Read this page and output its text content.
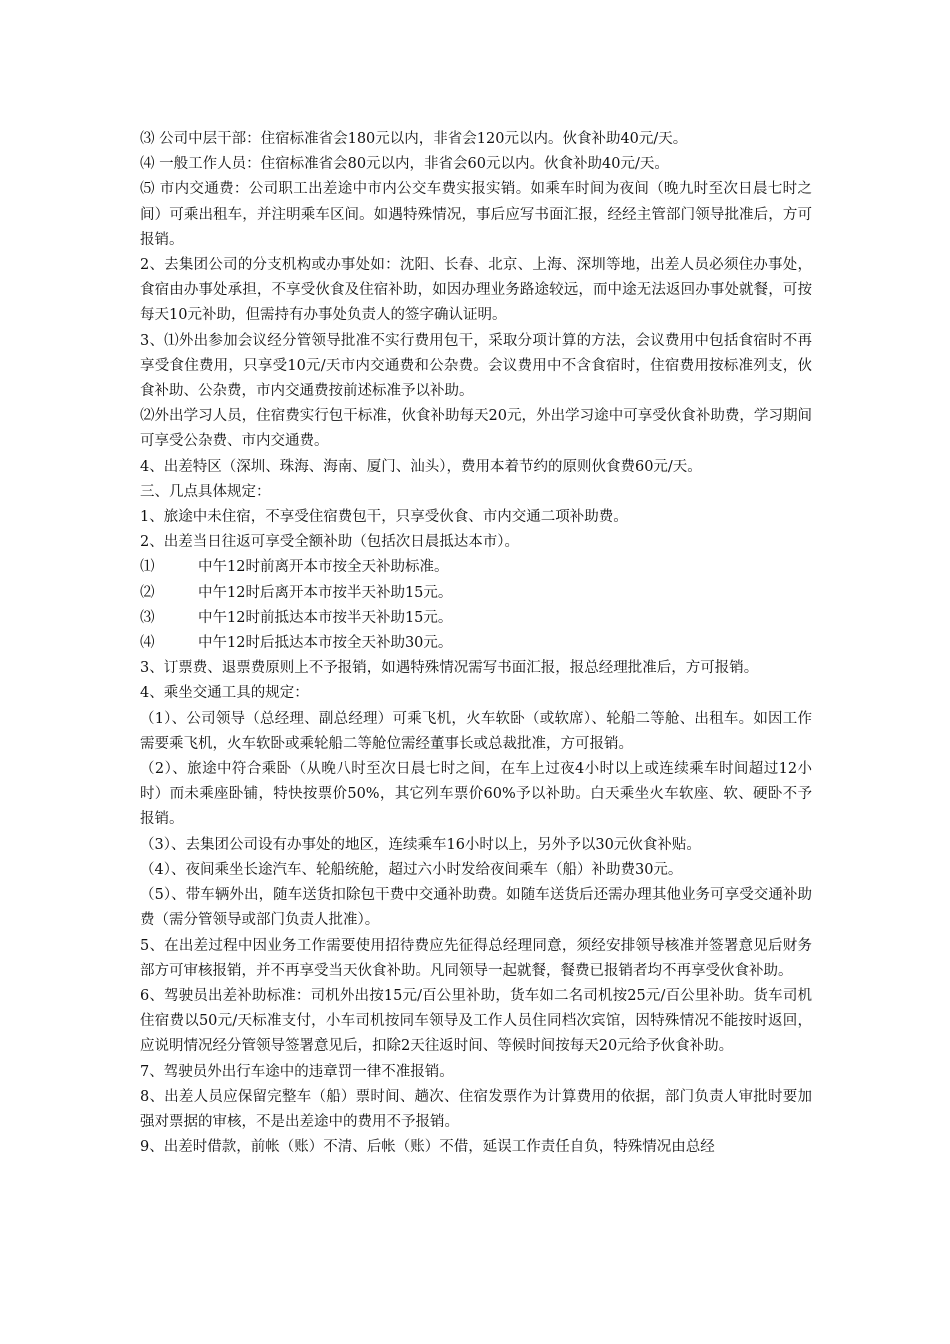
⑶ 公司中层干部：住宿标准省会180元以内，非省会120元以内。伙食补助40元/天。

⑷ 一般工作人员：住宿标准省会80元以内，非省会60元以内。伙食补助40元/天。

⑸ 市内交通费：公司职工出差途中市内公交车费实报实销。如乘车时间为夜间（晚九时至次日晨七时之间）可乘出租车，并注明乘车区间。如遇特殊情况，事后应写书面汇报，经经主管部门领导批准后，方可报销。

2、去集团公司的分支机构或办事处如：沈阳、长春、北京、上海、深圳等地，出差人员必须住办事处，食宿由办事处承担，不享受伙食及住宿补助，如因办理业务路途较远，而中途无法返回办事处就餐，可按每天10元补助，但需持有办事处负责人的签字确认证明。

3、⑴外出参加会议经分管领导批准不实行费用包干，采取分项计算的方法，会议费用中包括食宿时不再享受食住费用，只享受10元/天市内交通费和公杂费。会议费用中不含食宿时，住宿费用按标准列支，伙食补助、公杂费，市内交通费按前述标准予以补助。

⑵外出学习人员，住宿费实行包干标准，伙食补助每天20元，外出学习途中可享受伙食补助费，学习期间可享受公杂费、市内交通费。

4、出差特区（深圳、珠海、海南、厦门、汕头），费用本着节约的原则伙食费60元/天。

三、几点具体规定：

1、旅途中未住宿，不享受住宿费包干，只享受伙食、市内交通二项补助费。

2、出差当日往返可享受全额补助（包括次日晨抵达本市）。

⑴	中午12时前离开本市按全天补助标准。
⑵	中午12时后离开本市按半天补助15元。
⑶	中午12时前抵达本市按半天补助15元。
⑷	中午12时后抵达本市按全天补助30元。

3、订票费、退票费原则上不予报销，如遇特殊情况需写书面汇报，报总经理批准后，方可报销。

4、乘坐交通工具的规定：

（1）、公司领导（总经理、副总经理）可乘飞机，火车软卧（或软席）、轮船二等舱、出租车。如因工作需要乘飞机，火车软卧或乘轮船二等舱位需经董事长或总裁批准，方可报销。

（2）、旅途中符合乘卧（从晚八时至次日晨七时之间，在车上过夜4小时以上或连续乘车时间超过12小时）而未乘座卧铺，特快按票价50%，其它列车票价60%予以补助。白天乘坐火车软座、软、硬卧不予报销。

（3）、去集团公司设有办事处的地区，连续乘车16小时以上，另外予以30元伙食补贴。

（4）、夜间乘坐长途汽车、轮船统舱，超过六小时发给夜间乘车（船）补助费30元。

（5）、带车辆外出，随车送货扣除包干费中交通补助费。如随车送货后还需办理其他业务可享受交通补助费（需分管领导或部门负责人批准）。

5、在出差过程中因业务工作需要使用招待费应先征得总经理同意，须经安排领导核准并签署意见后财务部方可审核报销，并不再享受当天伙食补助。凡同领导一起就餐，餐费已报销者均不再享受伙食补助。

6、驾驶员出差补助标准：司机外出按15元/百公里补助，货车如二名司机按25元/百公里补助。货车司机住宿费以50元/天标准支付，小车司机按同车领导及工作人员住同档次宾馆，因特殊情况不能按时返回，应说明情况经分管领导签署意见后，扣除2天往返时间、等候时间按每天20元给予伙食补助。

7、驾驶员外出行车途中的违章罚一律不准报销。

8、出差人员应保留完整车（船）票时间、趟次、住宿发票作为计算费用的依据，部门负责人审批时要加强对票据的审核，不是出差途中的费用不予报销。

9、出差时借款，前帐（账）不清、后帐（账）不借，延误工作责任自负，特殊情况由总经
